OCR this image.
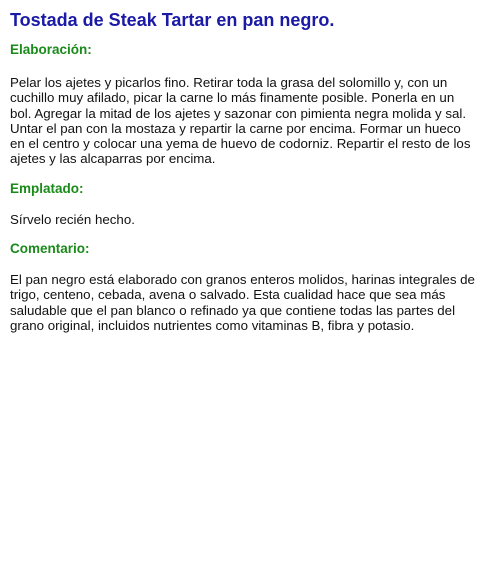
Tostada de Steak Tartar en pan negro.
Elaboración:

Pelar los ajetes y picarlos fino. Retirar toda la grasa del solomillo y, con un cuchillo muy afilado, picar la carne lo más finamente posible. Ponerla en un bol. Agregar la mitad de los ajetes y sazonar con pimienta negra molida y sal. Untar el pan con la mostaza y repartir la carne por encima. Formar un hueco en el centro y colocar una yema de huevo de codorniz. Repartir el resto de los ajetes y las alcaparras por encima.

Emplatado:

Sírvelo recién hecho.

Comentario:

El pan negro está elaborado con granos enteros molidos, harinas integrales de trigo, centeno, cebada, avena o salvado. Esta cualidad hace que sea más saludable que el pan blanco o refinado ya que contiene todas las partes del grano original, incluidos nutrientes como vitaminas B, fibra y potasio.
